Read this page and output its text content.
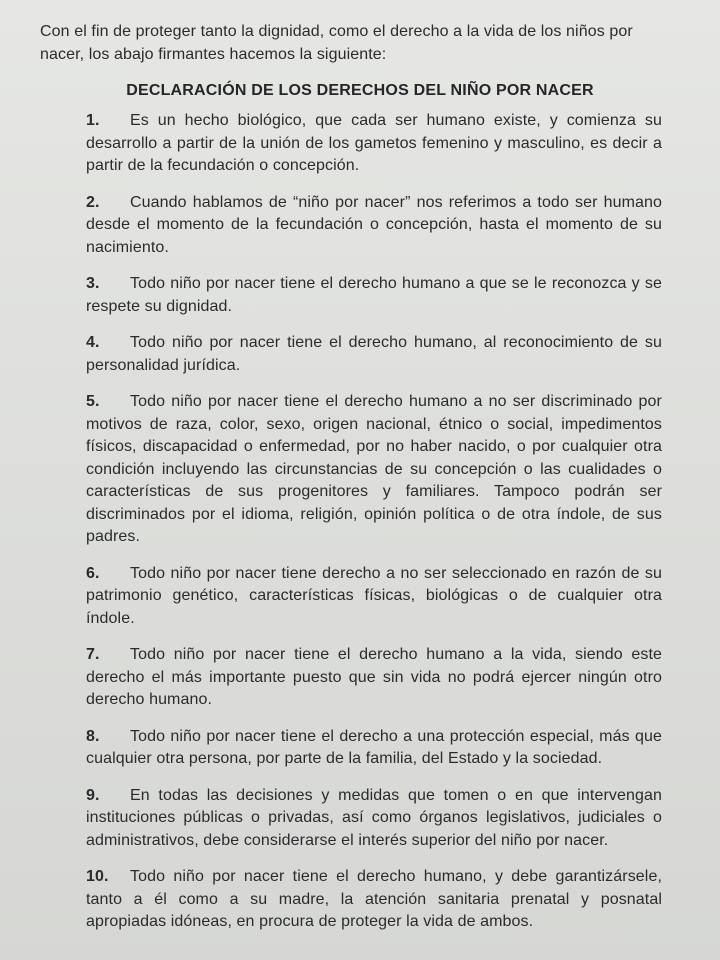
Con el fin de proteger tanto la dignidad, como el derecho a la vida de los niños por nacer, los abajo firmantes hacemos la siguiente:

DECLARACIÓN DE LOS DERECHOS DEL NIÑO POR NACER
1. Es un hecho biológico, que cada ser humano existe, y comienza su desarrollo a partir de la unión de los gametos femenino y masculino, es decir a partir de la fecundación o concepción.
2. Cuando hablamos de “niño por nacer” nos referimos a todo ser humano desde el momento de la fecundación o concepción, hasta el momento de su nacimiento.
3. Todo niño por nacer tiene el derecho humano a que se le reconozca y se respete su dignidad.
4. Todo niño por nacer tiene el derecho humano, al reconocimiento de su personalidad jurídica.
5. Todo niño por nacer tiene el derecho humano a no ser discriminado por motivos de raza, color, sexo, origen nacional, étnico o social, impedimentos físicos, discapacidad o enfermedad, por no haber nacido, o por cualquier otra condición incluyendo las circunstancias de su concepción o las cualidades o características de sus progenitores y familiares. Tampoco podrán ser discriminados por el idioma, religión, opinión política o de otra índole, de sus padres.
6. Todo niño por nacer tiene derecho a no ser seleccionado en razón de su patrimonio genético, características físicas, biológicas o de cualquier otra índole.
7. Todo niño por nacer tiene el derecho humano a la vida, siendo este derecho el más importante puesto que sin vida no podrá ejercer ningún otro derecho humano.
8. Todo niño por nacer tiene el derecho a una protección especial, más que cualquier otra persona, por parte de la familia, del Estado y la sociedad.
9. En todas las decisiones y medidas que tomen o en que intervengan instituciones públicas o privadas, así como órganos legislativos, judiciales o administrativos, debe considerarse el interés superior del niño por nacer.
10. Todo niño por nacer tiene el derecho humano, y debe garantizársele, tanto a él como a su madre, la atención sanitaria prenatal y posnatal apropiadas idóneas, en procura de proteger la vida de ambos.
